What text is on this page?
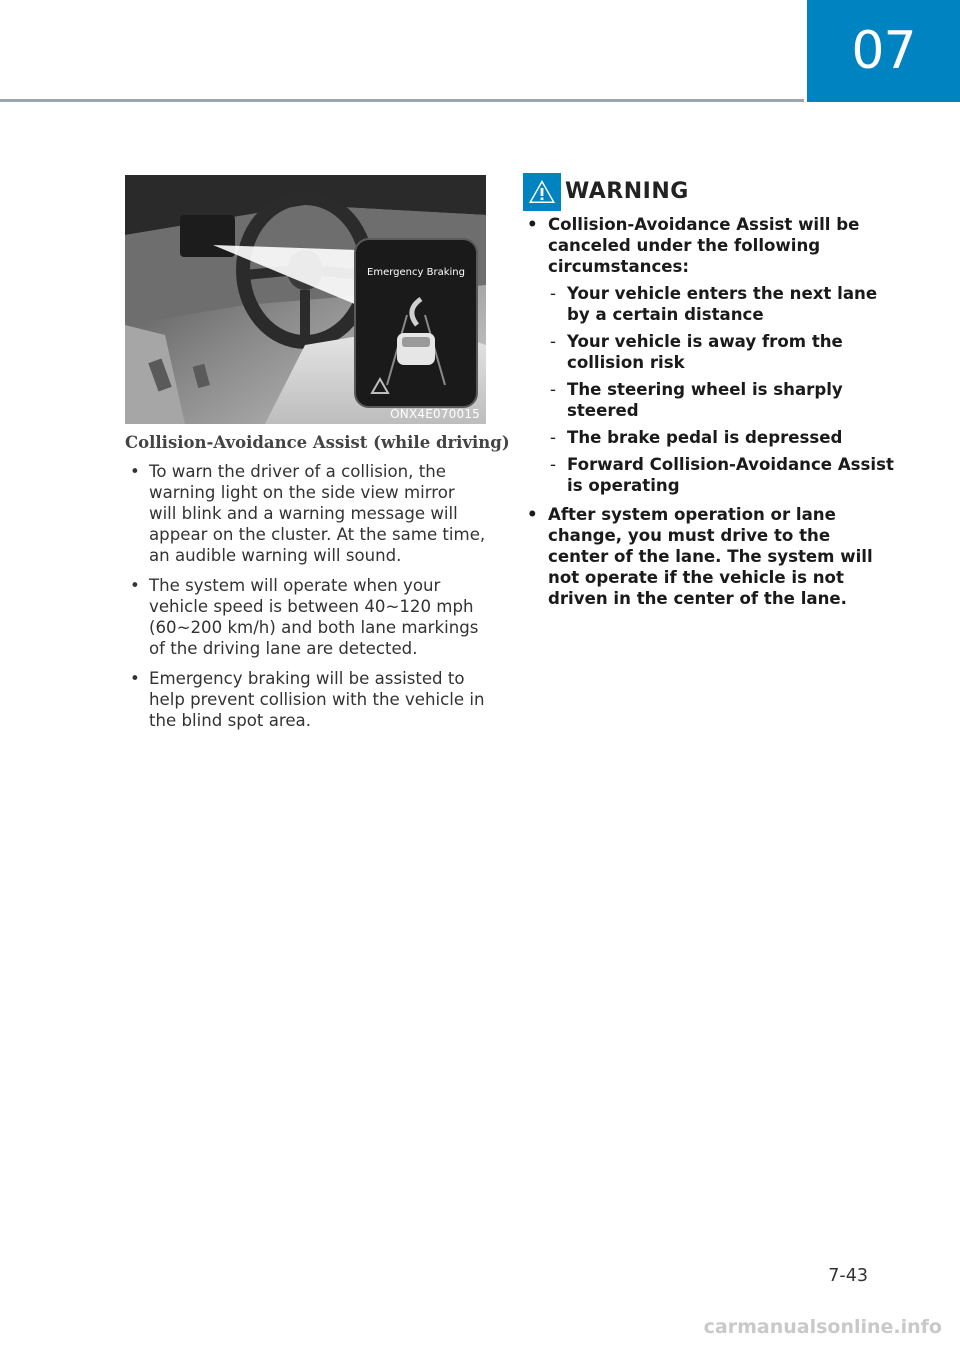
07
Emergency Braking
ONX4E070015
Collision-Avoidance Assist (while driving)
• To warn the driver of a collision, the warning light on the side view mirror will blink and a warning message will appear on the cluster. At the same time, an audible warning will sound.
• The system will operate when your vehicle speed is between 40~120 mph (60~200 km/h) and both lane markings of the driving lane are detected.
• Emergency braking will be assisted to help prevent collision with the vehicle in the blind spot area.
WARNING
• Collision-Avoidance Assist will be canceled under the following circumstances:
- Your vehicle enters the next lane by a certain distance
- Your vehicle is away from the collision risk
- The steering wheel is sharply steered
- The brake pedal is depressed
- Forward Collision-Avoidance Assist is operating
• After system operation or lane change, you must drive to the center of the lane. The system will not operate if the vehicle is not driven in the center of the lane.
7-43
carmanualsonline.info
